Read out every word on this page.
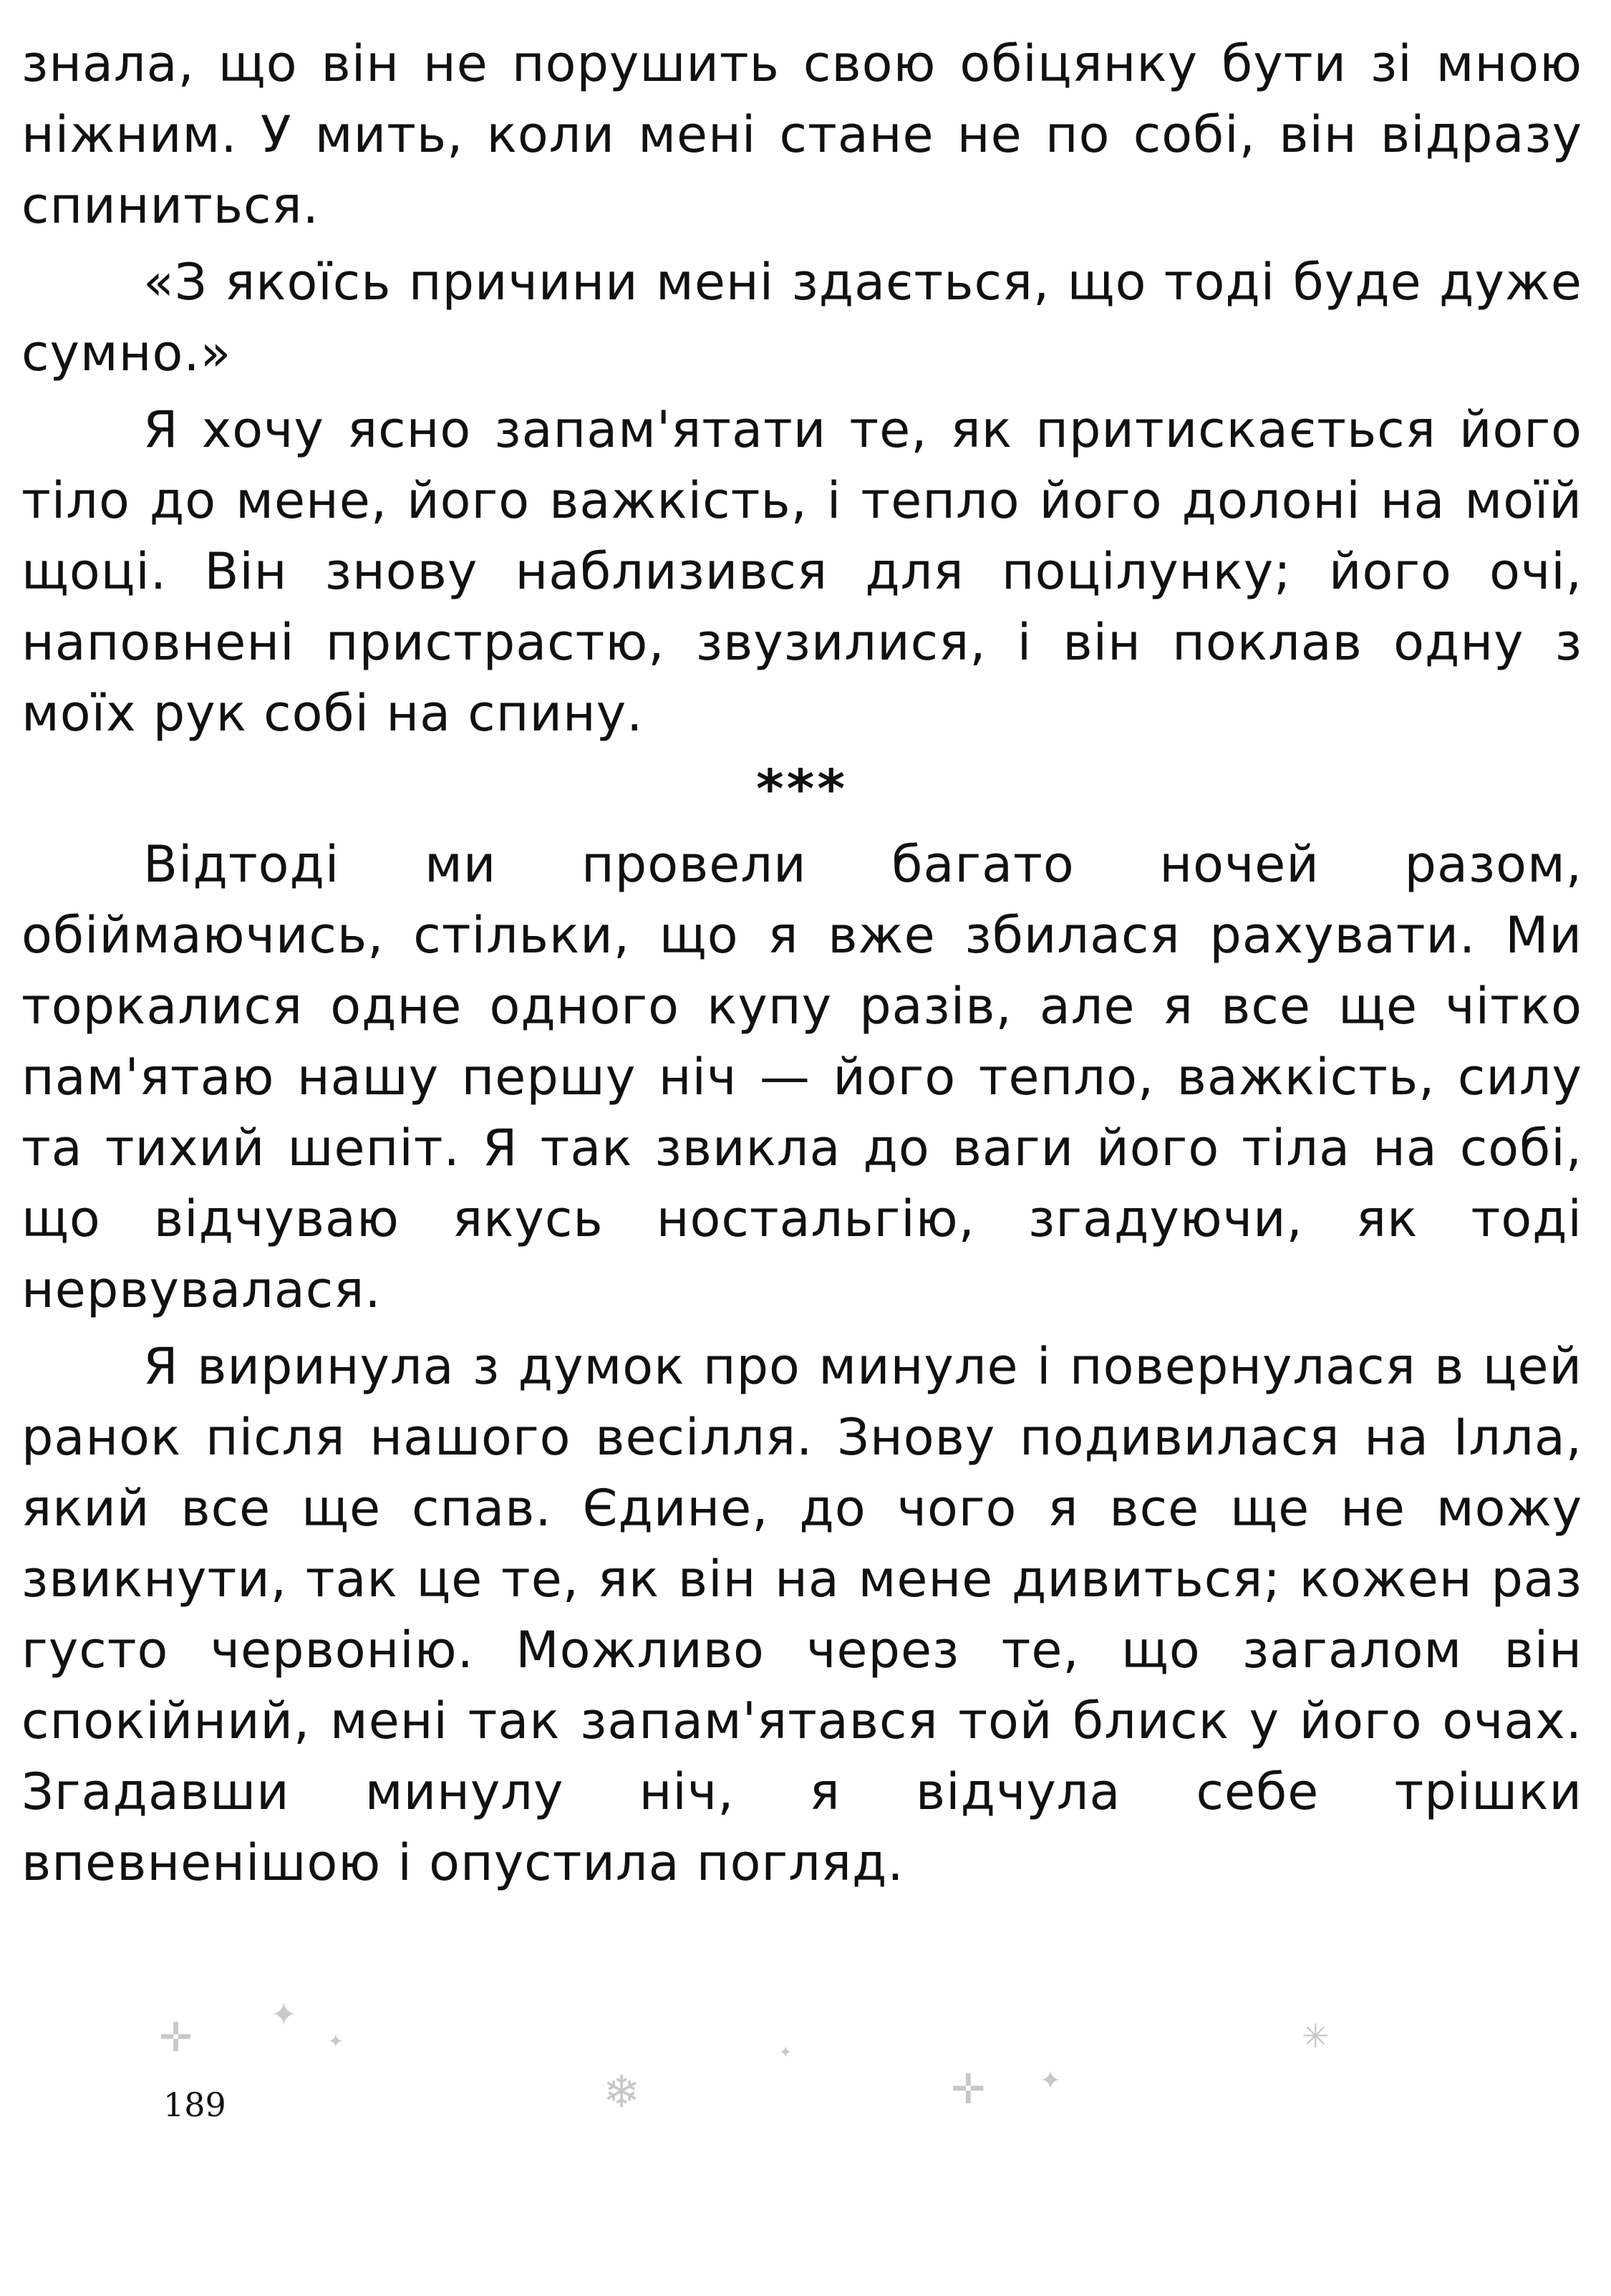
знала, що він не порушить свою обіцянку бути зі мною ніжним. У мить, коли мені стане не по собі, він відразу спиниться.

«З якоїсь причини мені здається, що тоді буде дуже сумно.»

Я хочу ясно запам'ятати те, як притискається його тіло до мене, його важкість, і тепло його долоні на моїй щоці. Він знову наблизився для поцілунку; його очі, наповнені пристрастю, звузилися, і він поклав одну з моїх рук собі на спину.

***

Відтоді ми провели багато ночей разом, обіймаючись, стільки, що я вже збилася рахувати. Ми торкалися одне одного купу разів, але я все ще чітко пам'ятаю нашу першу ніч — його тепло, важкість, силу та тихий шепіт. Я так звикла до ваги його тіла на собі, що відчуваю якусь ностальгію, згадуючи, як тоді нервувалася.

Я виринула з думок про минуле і повернулася в цей ранок після нашого весілля. Знову подивилася на Ілла, який все ще спав. Єдине, до чого я все ще не можу звикнути, так це те, як він на мене дивиться; кожен раз густо червонію. Можливо через те, що загалом він спокійний, мені так запам'ятався той блиск у його очах. Згадавши минулу ніч, я відчула себе трішки впевненішою і опустила погляд.

✛ ✦
✦
❄
✦
✛ ✦
✳
189
